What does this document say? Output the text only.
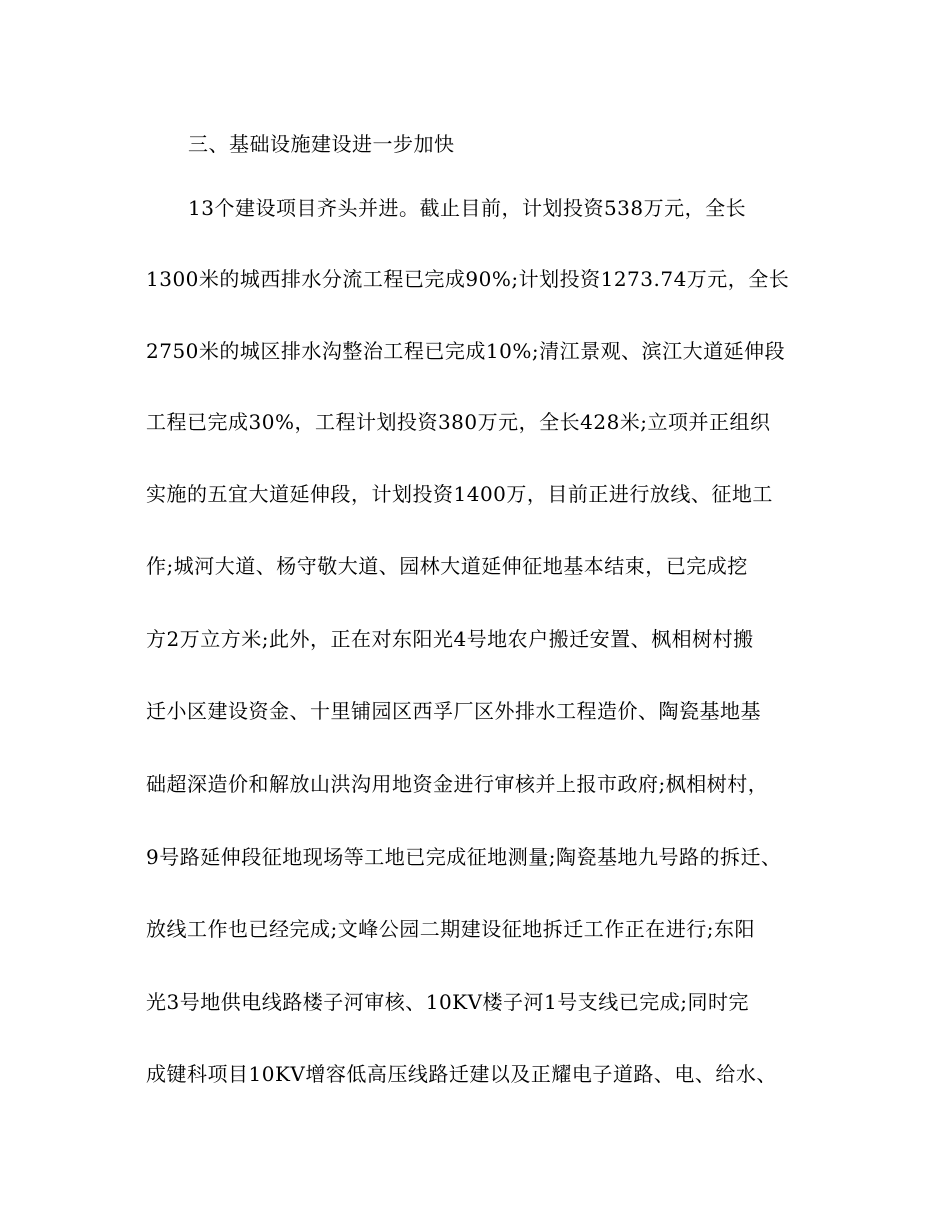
三、基础设施建设进一步加快
13个建设项目齐头并进。截止目前，计划投资538万元，全长
1300米的城西排水分流工程已完成90%;计划投资1273.74万元，全长
2750米的城区排水沟整治工程已完成10%;清江景观、滨江大道延伸段
工程已完成30%，工程计划投资380万元，全长428米;立项并正组织
实施的五宜大道延伸段，计划投资1400万，目前正进行放线、征地工
作;城河大道、杨守敬大道、园林大道延伸征地基本结束，已完成挖
方2万立方米;此外，正在对东阳光4号地农户搬迁安置、枫相树村搬
迁小区建设资金、十里铺园区西孚厂区外排水工程造价、陶瓷基地基
础超深造价和解放山洪沟用地资金进行审核并上报市政府;枫相树村，
9号路延伸段征地现场等工地已完成征地测量;陶瓷基地九号路的拆迁、
放线工作也已经完成;文峰公园二期建设征地拆迁工作正在进行;东阳
光3号地供电线路楼子河审核、10KV楼子河1号支线已完成;同时完
成键科项目10KV增容低高压线路迁建以及正耀电子道路、电、给水、
